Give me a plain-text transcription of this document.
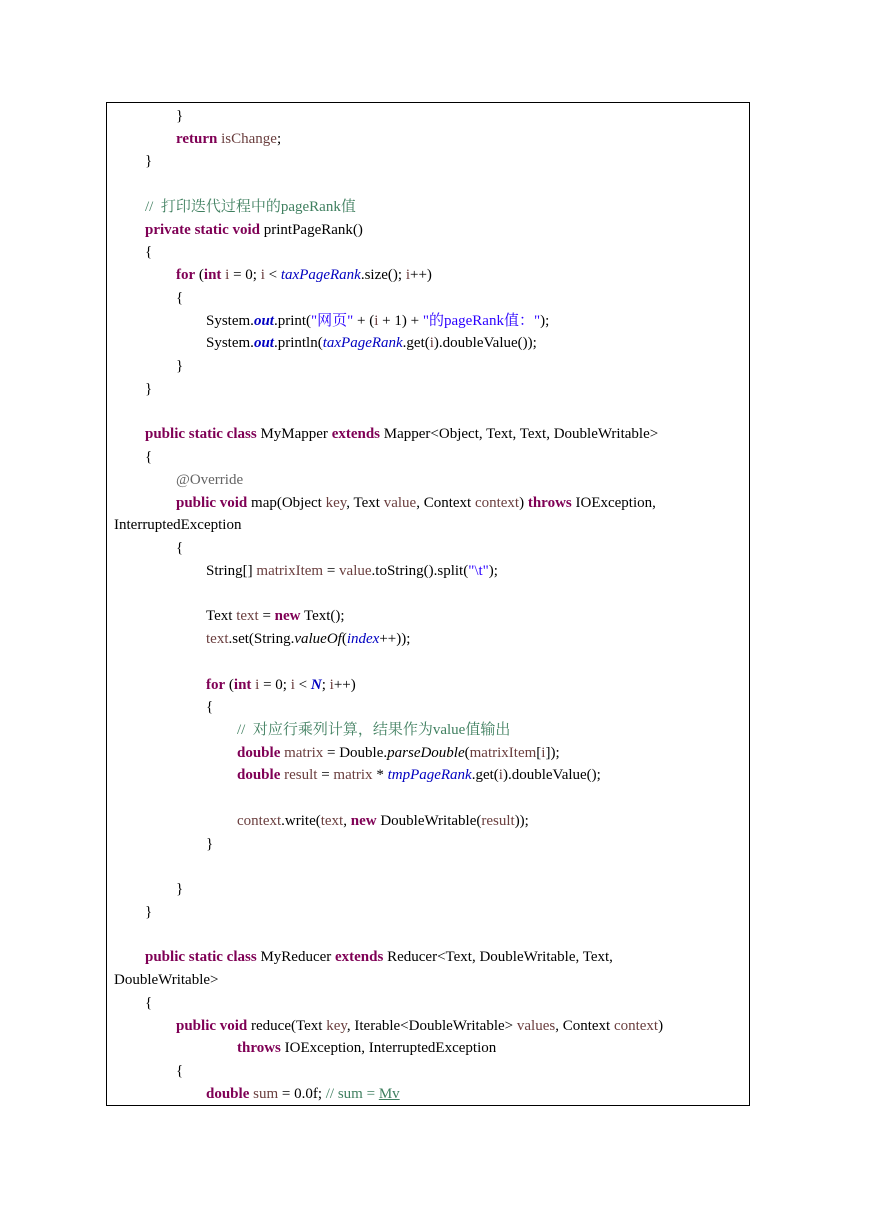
}
return isChange;
}
//  打印迭代过程中的pageRank值
private static void printPageRank()
{
for (int i = 0; i < taxPageRank.size(); i++)
{
System.out.print("网页" + (i + 1) + "的pageRank值：");
System.out.println(taxPageRank.get(i).doubleValue());
}
}
public static class MyMapper extends Mapper<Object, Text, Text, DoubleWritable>
{
@Override
public void map(Object key, Text value, Context context) throws IOException,
InterruptedException
{
String[] matrixItem = value.toString().split("\t");
Text text = new Text();
text.set(String.valueOf(index++));
for (int i = 0; i < N; i++)
{
//  对应行乘列计算，结果作为value值输出
double matrix = Double.parseDouble(matrixItem[i]);
double result = matrix * tmpPageRank.get(i).doubleValue();
context.write(text, new DoubleWritable(result));
}
}
}
public static class MyReducer extends Reducer<Text, DoubleWritable, Text,
DoubleWritable>
{
public void reduce(Text key, Iterable<DoubleWritable> values, Context context)
throws IOException, InterruptedException
{
double sum = 0.0f; // sum = Mv
